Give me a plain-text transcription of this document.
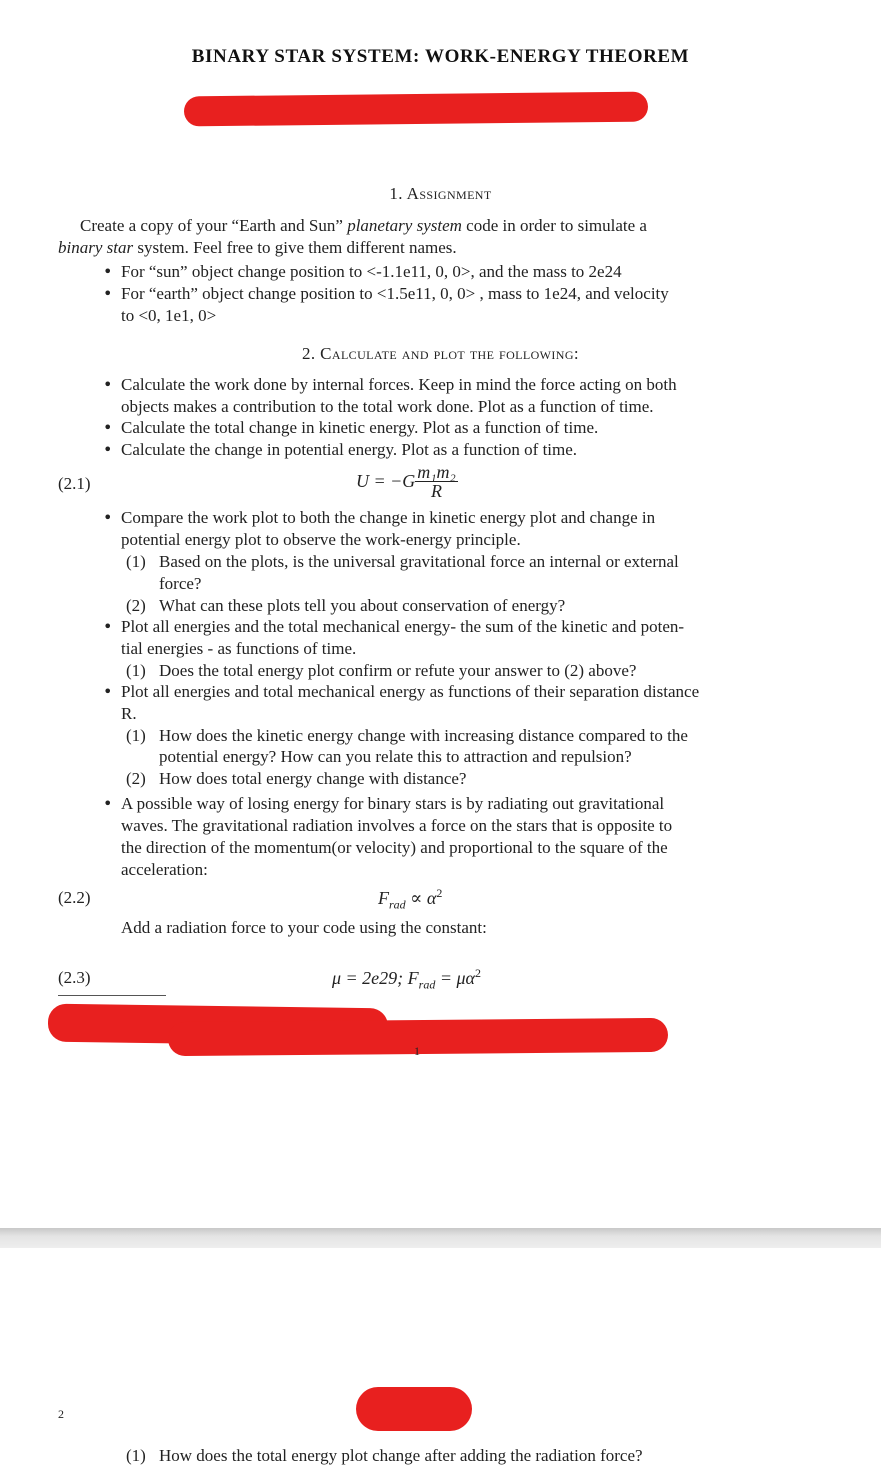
BINARY STAR SYSTEM: WORK-ENERGY THEOREM
1. Assignment
Create a copy of your “Earth and Sun” planetary system code in order to simulate a
binary star system. Feel free to give them different names.
• For “sun” object change position to <-1.1e11, 0, 0>, and the mass to 2e24
• For “earth” object change position to <1.5e11, 0, 0> , mass to 1e24, and velocity
to <0, 1e1, 0>
2. Calculate and plot the following:
• Calculate the work done by internal forces. Keep in mind the force acting on both
objects makes a contribution to the total work done. Plot as a function of time.
• Calculate the total change in kinetic energy. Plot as a function of time.
• Calculate the change in potential energy. Plot as a function of time.
(2.1)	$U = -G \frac{\text{m₁m₂}}{R}$
• Compare the work plot to both the change in kinetic energy plot and change in
potential energy plot to observe the work-energy principle.
(1) Based on the plots, is the universal gravitational force an internal or external
force?
(2) What can these plots tell you about conservation of energy?
• Plot all energies and the total mechanical energy- the sum of the kinetic and poten-
tial energies - as functions of time.
(1) Does the total energy plot confirm or refute your answer to (2) above?
• Plot all energies and total mechanical energy as functions of their separation distance
R.
(1) How does the kinetic energy change with increasing distance compared to the
potential energy? How can you relate this to attraction and repulsion?
(2) How does total energy change with distance?
• A possible way of losing energy for binary stars is by radiating out gravitational
waves. The gravitational radiation involves a force on the stars that is opposite to
the direction of the momentum(or velocity) and proportional to the square of the
acceleration:
(2.2)	$F_{rad} \propto \alpha^2$
Add a radiation force to your code using the constant:
(2.3)	μ = 2e29; $F_{rad} = \mu\alpha^2$
1
2
(1) How does the total energy plot change after adding the radiation force?
